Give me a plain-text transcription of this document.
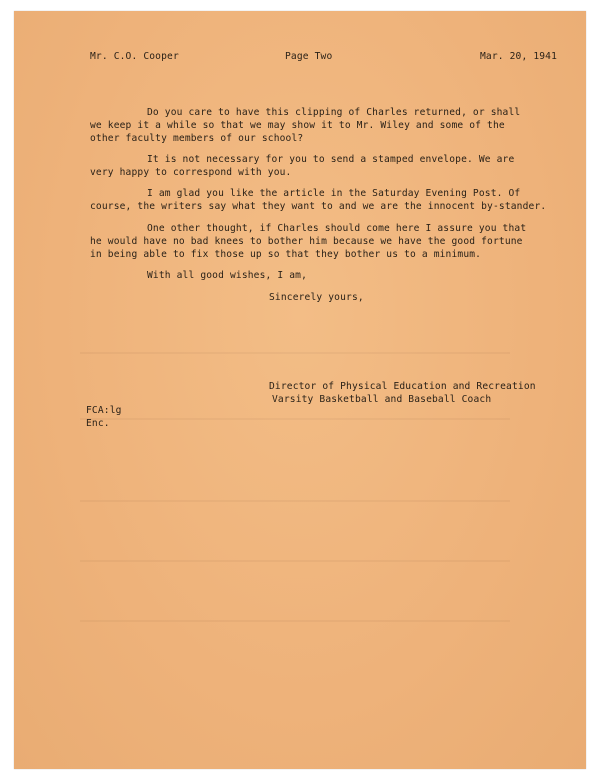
Mr. C.O. Cooper	Page Two	Mar. 20, 1941
Do you care to have this clipping of Charles returned, or shall
we keep it a while so that we may show it to Mr. Wiley and some of the
other faculty members of our school?
It is not necessary for you to send a stamped envelope. We are
very happy to correspond with you.
I am glad you like the article in the Saturday Evening Post. Of
course, the writers say what they want to and we are the innocent by-stander.
One other thought, if Charles should come here I assure you that
he would have no bad knees to bother him because we have the good fortune
in being able to fix those up so that they bother us to a minimum.
With all good wishes, I am,
Sincerely yours,
Director of Physical Education and Recreation
Varsity Basketball and Baseball Coach
FCA:lg
Enc.
